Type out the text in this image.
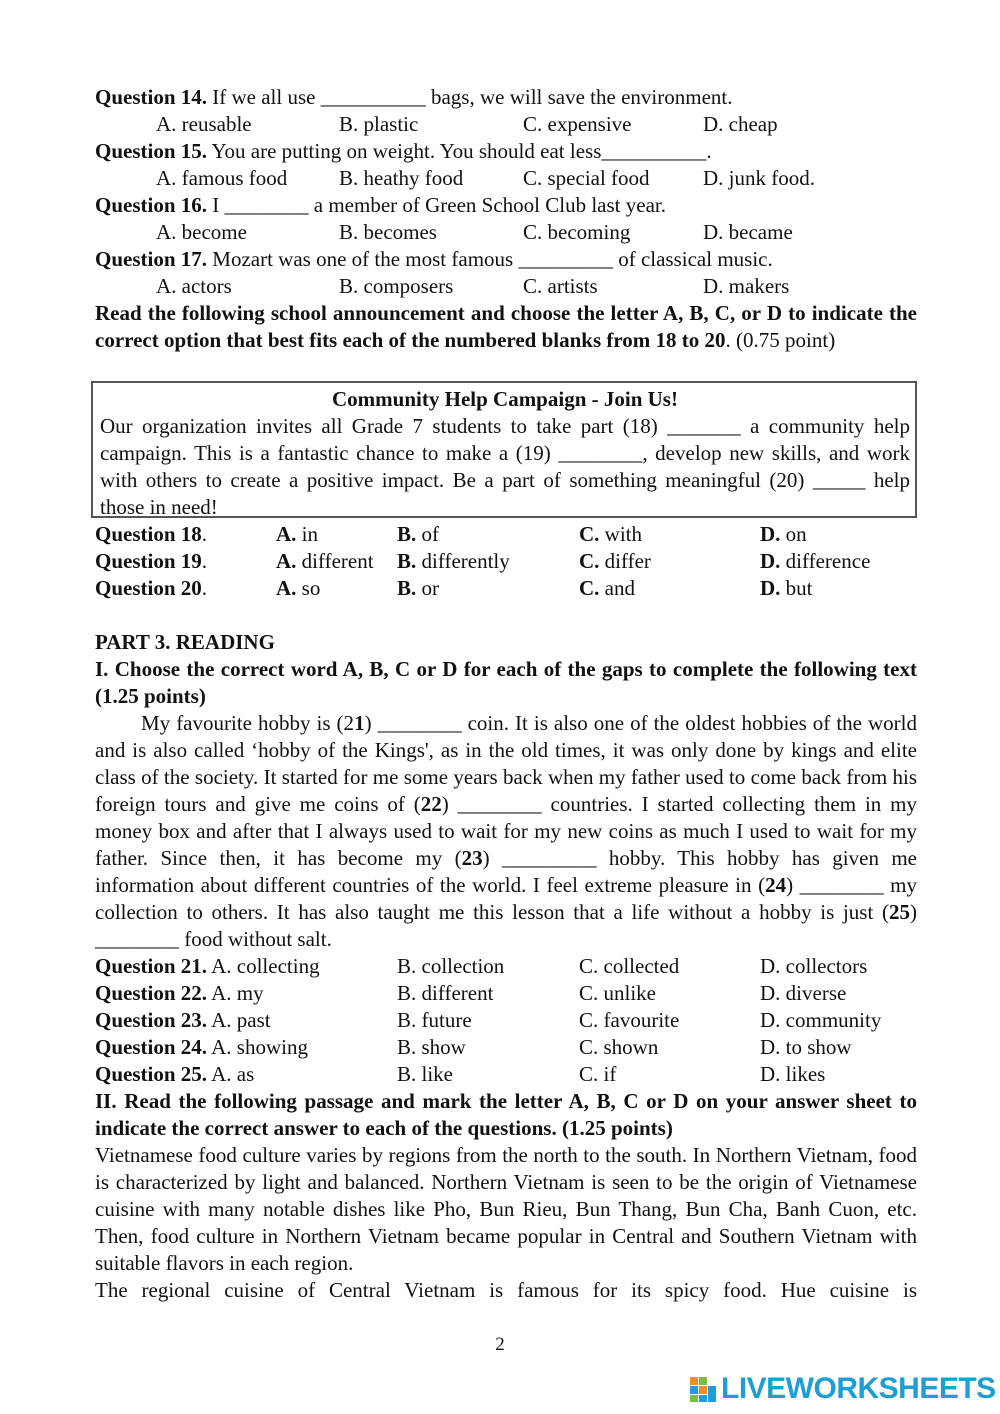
Question 14. If we all use __________ bags, we will save the environment.
A. reusable	B. plastic	C. expensive	D. cheap
Question 15. You are putting on weight. You should eat less__________.
A. famous food B. heathy food	C. special food	D. junk food.
Question 16. I ________ a member of Green School Club last year.
A. become	B. becomes	C. becoming	D. became
Question 17. Mozart was one of the most famous _________ of classical music.
A. actors	B. composers	C. artists	D. makers
Read the following school announcement and choose the letter A, B, C, or D to indicate the correct option that best fits each of the numbered blanks from 18 to 20. (0.75 point)
Community Help Campaign - Join Us!
Our organization invites all Grade 7 students to take part (18) _______ a community help campaign. This is a fantastic chance to make a (19) ________, develop new skills, and work with others to create a positive impact. Be a part of something meaningful (20) _____ help those in need!
Question 18.	A. in	B. of	C. with	D. on
Question 19.	A. different B. differently	C. differ	D. difference
Question 20.	A. so	B. or	C. and	D. but
PART 3. READING
I. Choose the correct word A, B, C or D for each of the gaps to complete the following text (1.25 points)
My favourite hobby is (21) ________ coin. It is also one of the oldest hobbies of the world and is also called ‘hobby of the Kings', as in the old times, it was only done by kings and elite class of the society. It started for me some years back when my father used to come back from his foreign tours and give me coins of (22) ________ countries. I started collecting them in my money box and after that I always used to wait for my new coins as much I used to wait for my father. Since then, it has become my (23) _________ hobby. This hobby has given me information about different countries of the world. I feel extreme pleasure in (24) ________ my collection to others. It has also taught me this lesson that a life without a hobby is just (25) ________ food without salt.
Question 21. A. collecting	B. collection	C. collected	D. collectors
Question 22. A. my	B. different	C. unlike	D. diverse
Question 23. A. past	B. future	C. favourite	D. community
Question 24. A. showing	B. show	C. shown	D. to show
Question 25. A. as	B. like	C. if	D. likes
II. Read the following passage and mark the letter A, B, C or D on your answer sheet to indicate the correct answer to each of the questions. (1.25 points)
Vietnamese food culture varies by regions from the north to the south. In Northern Vietnam, food is characterized by light and balanced. Northern Vietnam is seen to be the origin of Vietnamese cuisine with many notable dishes like Pho, Bun Rieu, Bun Thang, Bun Cha, Banh Cuon, etc. Then, food culture in Northern Vietnam became popular in Central and Southern Vietnam with suitable flavors in each region.
The regional cuisine of Central Vietnam is famous for its spicy food. Hue cuisine is
2
LIVEWORKSHEETS
